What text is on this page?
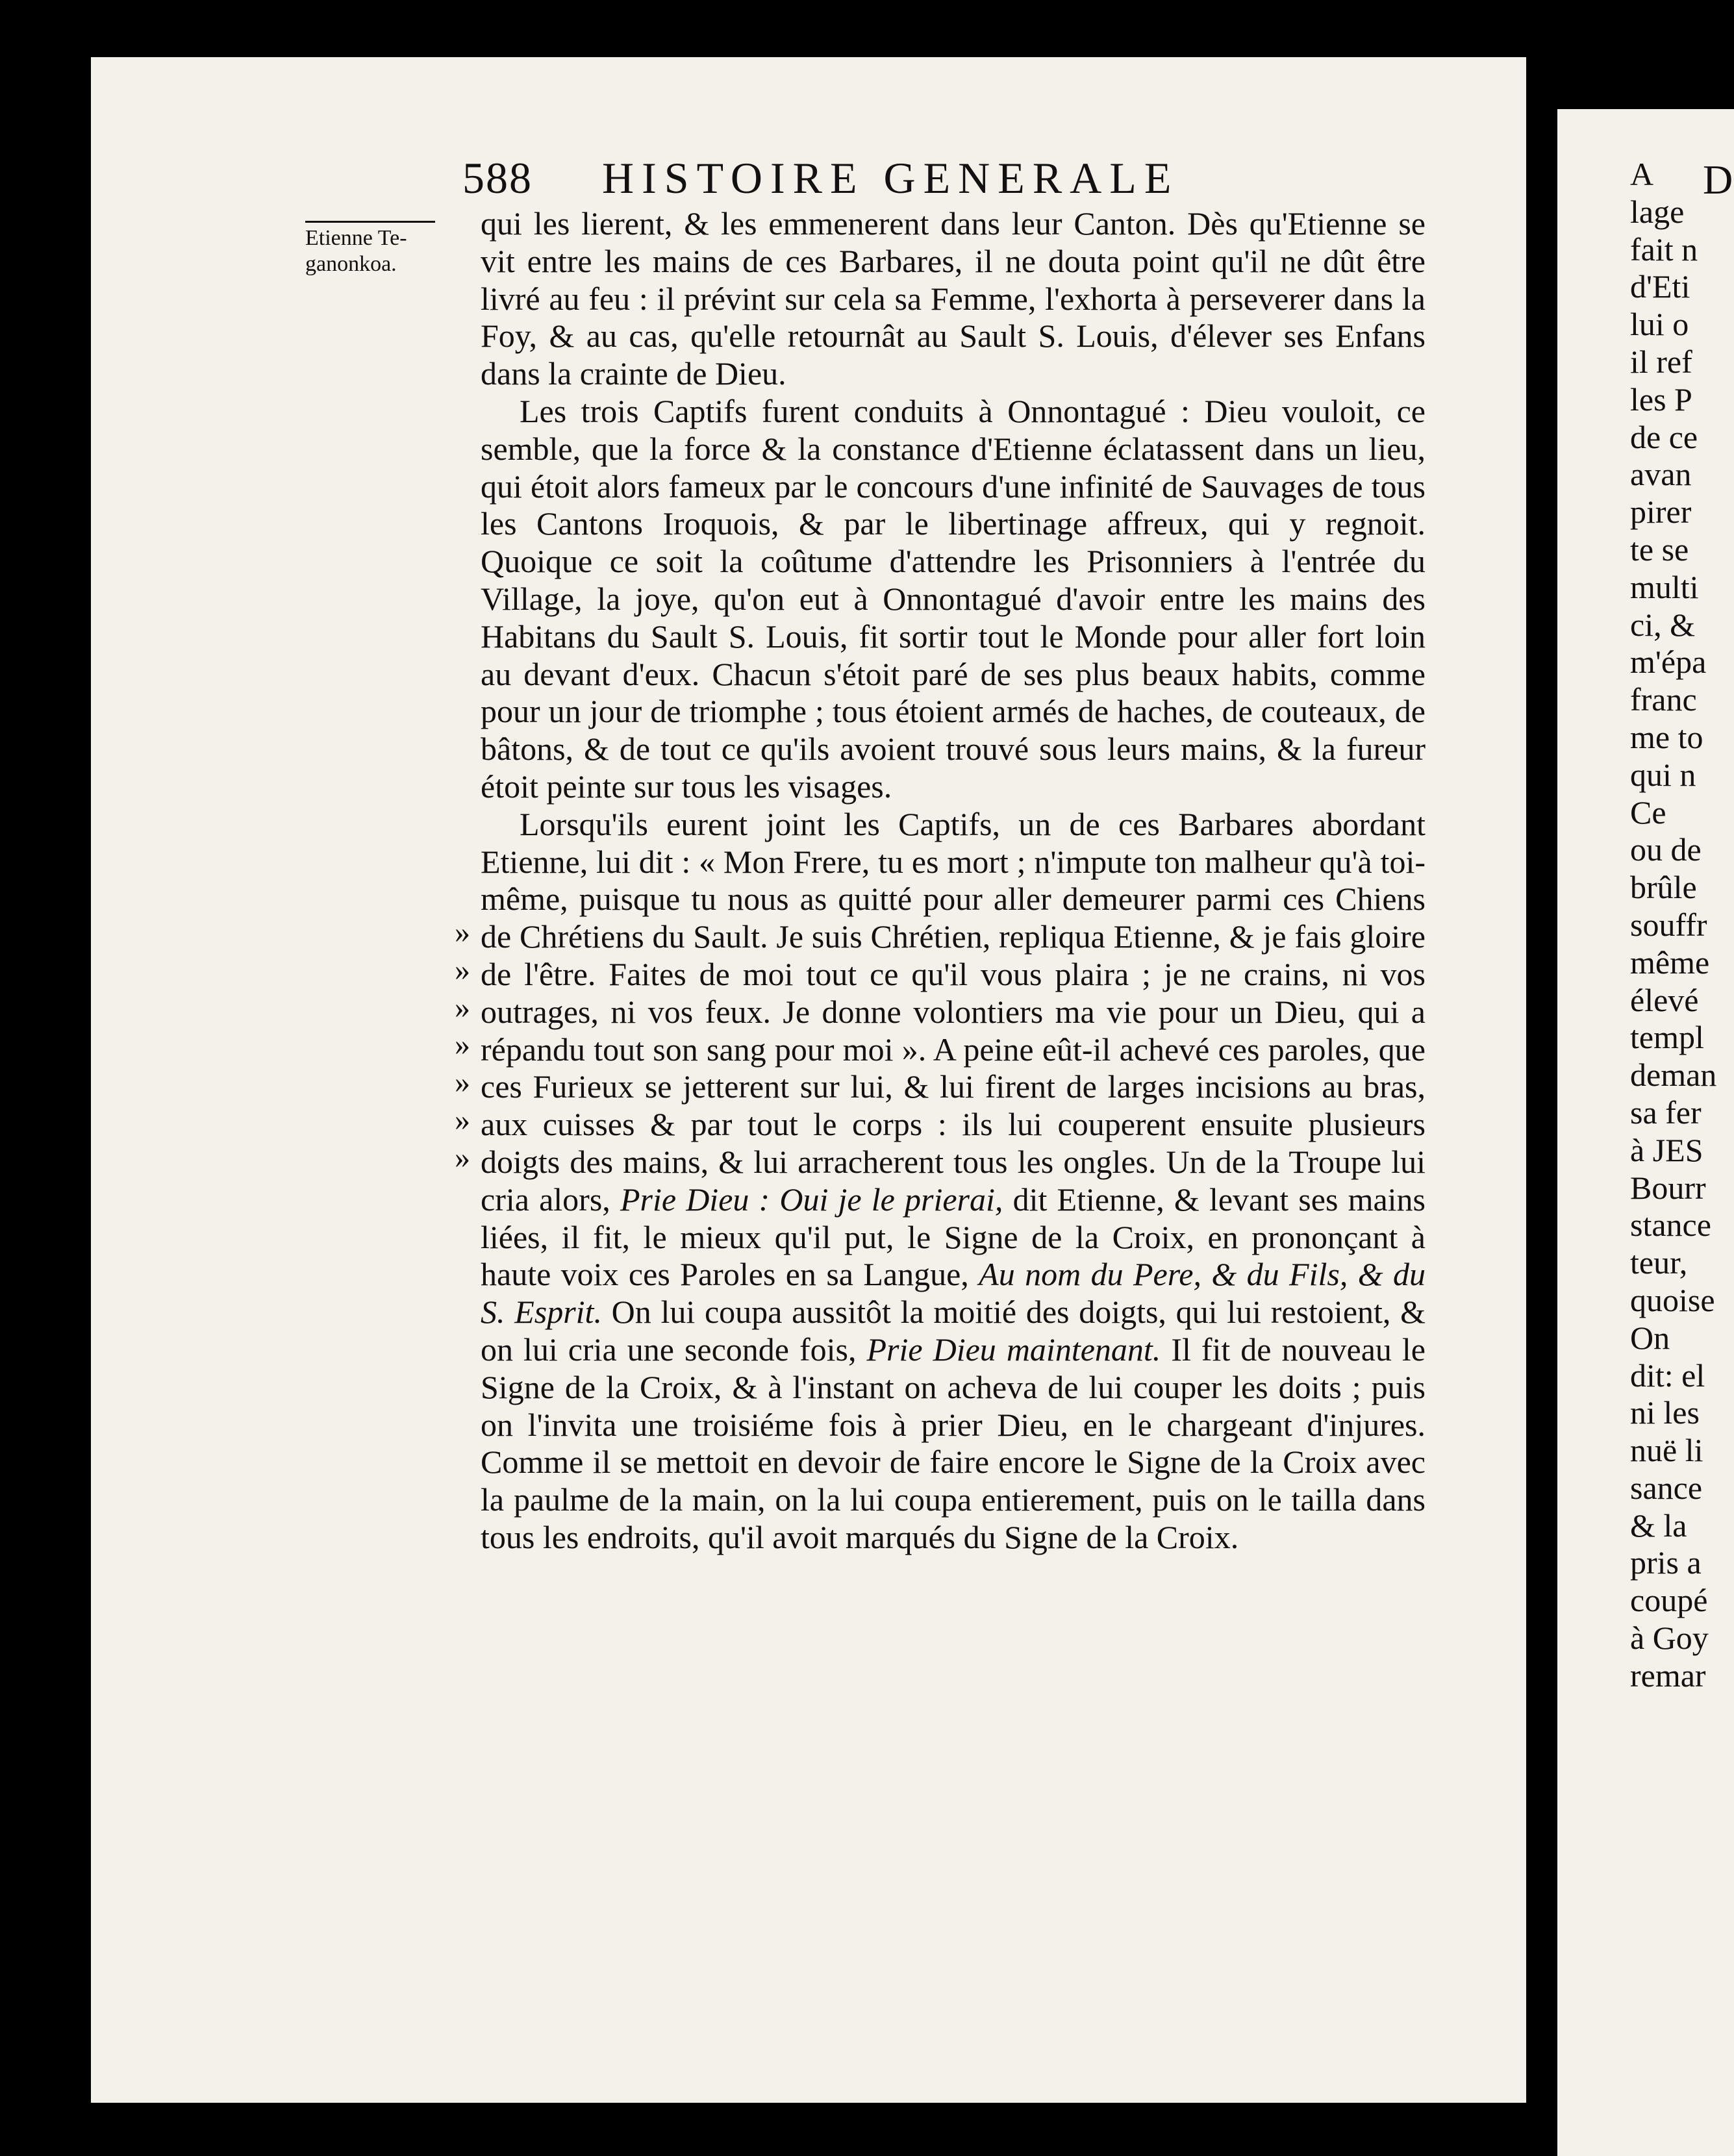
588 HISTOIRE GENERALE
Etienne Te-
ganonkoa.
»
»
»
»
»
»
»

qui les lierent, & les emmenerent dans leur Canton. Dès qu'Etienne se vit entre les mains de ces Barbares, il ne douta point qu'il ne dût être livré au feu : il prévint sur cela sa Femme, l'exhorta à perseverer dans la Foy, & au cas, qu'elle retournât au Sault S. Louis, d'élever ses Enfans dans la crainte de Dieu.

Les trois Captifs furent conduits à Onnontagué : Dieu vouloit, ce semble, que la force & la constance d'Etienne éclatassent dans un lieu, qui étoit alors fameux par le concours d'une infinité de Sauvages de tous les Cantons Iroquois, & par le libertinage affreux, qui y regnoit. Quoique ce soit la coûtume d'attendre les Prisonniers à l'entrée du Village, la joye, qu'on eut à Onnontagué d'avoir entre les mains des Habitans du Sault S. Louis, fit sortir tout le Monde pour aller fort loin au devant d'eux. Chacun s'étoit paré de ses plus beaux habits, comme pour un jour de triomphe ; tous étoient armés de haches, de couteaux, de bâtons, & de tout ce qu'ils avoient trouvé sous leurs mains, & la fureur étoit peinte sur tous les visages.

Lorsqu'ils eurent joint les Captifs, un de ces Barbares abordant Etienne, lui dit : « Mon Frere, tu es mort ; n'impute ton malheur qu'à toi-même, puisque tu nous as quitté pour aller demeurer parmi ces Chiens de Chrétiens du Sault. Je suis Chrétien, repliqua Etienne, & je fais gloire de l'être. Faites de moi tout ce qu'il vous plaira ; je ne crains, ni vos outrages, ni vos feux. Je donne volontiers ma vie pour un Dieu, qui a répandu tout son sang pour moi ». A peine eût-il achevé ces paroles, que ces Furieux se jetterent sur lui, & lui firent de larges incisions au bras, aux cuisses & par tout le corps : ils lui couperent ensuite plusieurs doigts des mains, & lui arracherent tous les ongles. Un de la Troupe lui cria alors, Prie Dieu : Oui je le prierai, dit Etienne, & levant ses mains liées, il fit, le mieux qu'il put, le Signe de la Croix, en prononçant à haute voix ces Paroles en sa Langue, Au nom du Pere, & du Fils, & du S. Esprit. On lui coupa aussitôt la moitié des doigts, qui lui restoient, & on lui cria une seconde fois, Prie Dieu maintenant. Il fit de nouveau le Signe de la Croix, & à l'instant on acheva de lui couper les doits ; puis on l'invita une troisiéme fois à prier Dieu, en le chargeant d'injures. Comme il se mettoit en devoir de faire encore le Signe de la Croix avec la paulme de la main, on la lui coupa entierement, puis on le tailla dans tous les endroits, qu'il avoit marqués du Signe de la Croix.

D
A
lage
fait n
d'Eti
lui o
il ref
les P
de ce
avan
pirer
te se
multi
ci, &
m'épa
franc
me to
qui n
Ce
ou de
brûle
souffr
même
élevé
templ
deman
sa fer
à JES
Bourr
stance
teur,
quoise
On
dit: el
ni les
nuë li
sance
& la
pris a
coupé
à Goy
remar
